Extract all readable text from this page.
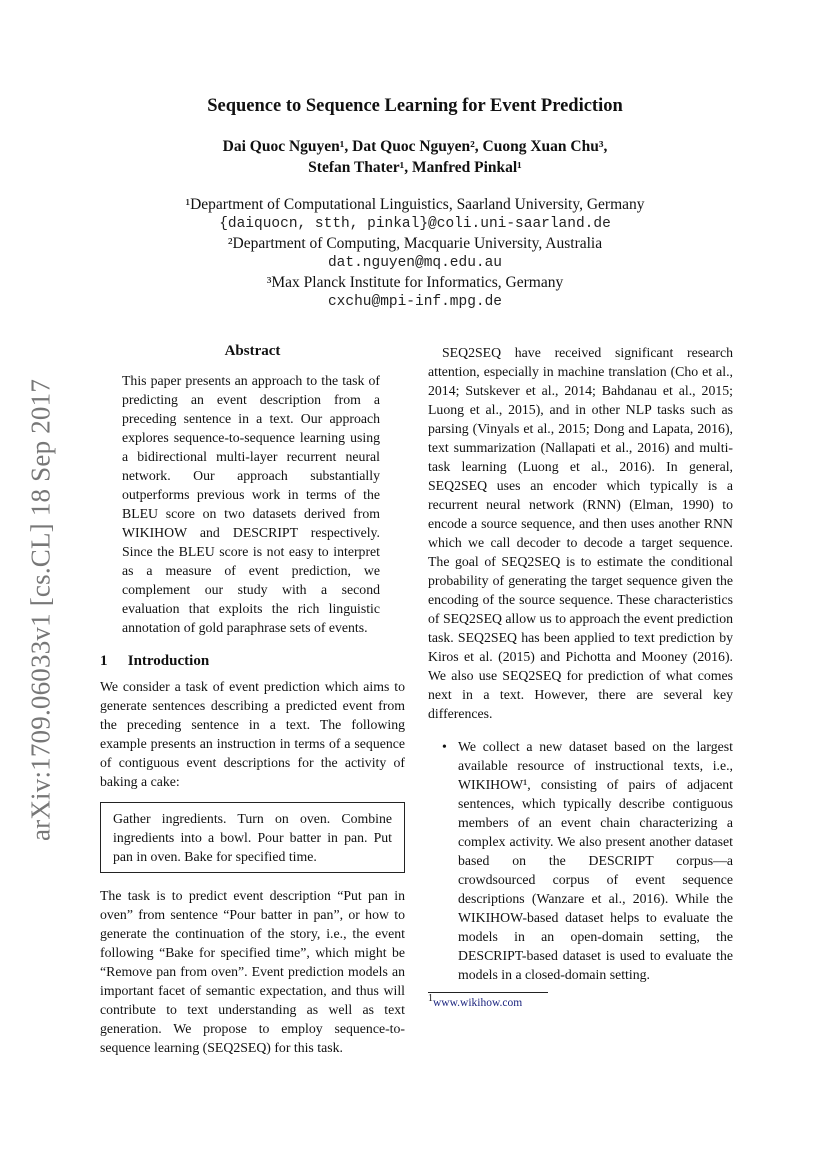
arXiv:1709.06033v1 [cs.CL] 18 Sep 2017
Sequence to Sequence Learning for Event Prediction
Dai Quoc Nguyen¹, Dat Quoc Nguyen², Cuong Xuan Chu³,
Stefan Thater¹, Manfred Pinkal¹
¹Department of Computational Linguistics, Saarland University, Germany
{daiquocn, stth, pinkal}@coli.uni-saarland.de
²Department of Computing, Macquarie University, Australia
dat.nguyen@mq.edu.au
³Max Planck Institute for Informatics, Germany
cxchu@mpi-inf.mpg.de
Abstract

This paper presents an approach to the task of predicting an event description from a preceding sentence in a text. Our approach explores sequence-to-sequence learning using a bidirectional multi-layer recurrent neural network. Our approach substantially outperforms previous work in terms of the BLEU score on two datasets derived from WIKIHOW and DESCRIPT respectively. Since the BLEU score is not easy to interpret as a measure of event prediction, we complement our study with a second evaluation that exploits the rich linguistic annotation of gold paraphrase sets of events.

1 Introduction

We consider a task of event prediction which aims to generate sentences describing a predicted event from the preceding sentence in a text. The following example presents an instruction in terms of a sequence of contiguous event descriptions for the activity of baking a cake:

Gather ingredients. Turn on oven. Combine ingredients into a bowl. Pour batter in pan. Put pan in oven. Bake for specified time.

The task is to predict event description “Put pan in oven” from sentence “Pour batter in pan”, or how to generate the continuation of the story, i.e., the event following “Bake for specified time”, which might be “Remove pan from oven”. Event prediction models an important facet of semantic expectation, and thus will contribute to text understanding as well as text generation. We propose to employ sequence-to-sequence learning (SEQ2SEQ) for this task.

SEQ2SEQ have received significant research attention, especially in machine translation (Cho et al., 2014; Sutskever et al., 2014; Bahdanau et al., 2015; Luong et al., 2015), and in other NLP tasks such as parsing (Vinyals et al., 2015; Dong and Lapata, 2016), text summarization (Nallapati et al., 2016) and multi-task learning (Luong et al., 2016). In general, SEQ2SEQ uses an encoder which typically is a recurrent neural network (RNN) (Elman, 1990) to encode a source sequence, and then uses another RNN which we call decoder to decode a target sequence. The goal of SEQ2SEQ is to estimate the conditional probability of generating the target sequence given the encoding of the source sequence. These characteristics of SEQ2SEQ allow us to approach the event prediction task. SEQ2SEQ has been applied to text prediction by Kiros et al. (2015) and Pichotta and Mooney (2016). We also use SEQ2SEQ for prediction of what comes next in a text. However, there are several key differences.

• We collect a new dataset based on the largest available resource of instructional texts, i.e., WIKIHOW¹, consisting of pairs of adjacent sentences, which typically describe contiguous members of an event chain characterizing a complex activity. We also present another dataset based on the DESCRIPT corpus—a crowdsourced corpus of event sequence descriptions (Wanzare et al., 2016). While the WIKIHOW-based dataset helps to evaluate the models in an open-domain setting, the DESCRIPT-based dataset is used to evaluate the models in a closed-domain setting.
$^1$www.wikihow.com
